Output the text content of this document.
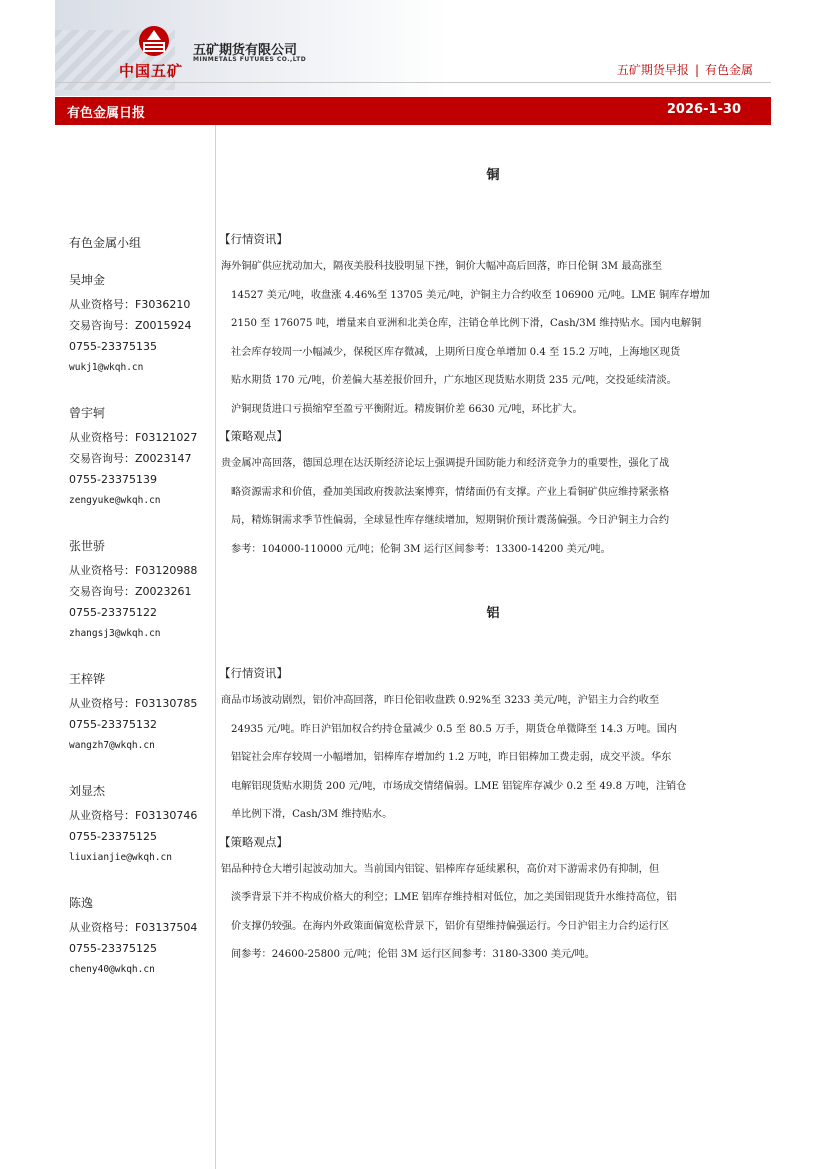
中国五矿
五矿期货有限公司
MINMETALS FUTURES CO.,LTD
五矿期货早报 | 有色金属
有色金属日报	2026-1-30
有色金属小组
吴坤金
从业资格号：F3036210
交易咨询号：Z0015924
0755-23375135
wukj1@wkqh.cn
曾宇轲
从业资格号：F03121027
交易咨询号：Z0023147
0755-23375139
zengyuke@wkqh.cn
张世骄
从业资格号：F03120988
交易咨询号：Z0023261
0755-23375122
zhangsj3@wkqh.cn
王梓铧
从业资格号：F03130785
0755-23375132
wangzh7@wkqh.cn
刘显杰
从业资格号：F03130746
0755-23375125
liuxianjie@wkqh.cn
陈逸
从业资格号：F03137504
0755-23375125
cheny40@wkqh.cn
铜
【行情资讯】
海外铜矿供应扰动加大，隔夜美股科技股明显下挫，铜价大幅冲高后回落，昨日伦铜 3M 最高涨至
14527 美元/吨，收盘涨 4.46%至 13705 美元/吨，沪铜主力合约收至 106900 元/吨。LME 铜库存增加
2150 至 176075 吨，增量来自亚洲和北美仓库，注销仓单比例下滑，Cash/3M 维持贴水。国内电解铜
社会库存较周一小幅减少，保税区库存微减，上期所日度仓单增加 0.4 至 15.2 万吨，上海地区现货
贴水期货 170 元/吨，价差偏大基差报价回升，广东地区现货贴水期货 235 元/吨，交投延续清淡。
沪铜现货进口亏损缩窄至盈亏平衡附近。精废铜价差 6630 元/吨，环比扩大。
【策略观点】
贵金属冲高回落，德国总理在达沃斯经济论坛上强调提升国防能力和经济竞争力的重要性，强化了战
略资源需求和价值，叠加美国政府拨款法案博弈，情绪面仍有支撑。产业上看铜矿供应维持紧张格
局，精炼铜需求季节性偏弱，全球显性库存继续增加，短期铜价预计震荡偏强。今日沪铜主力合约
参考：104000-110000 元/吨；伦铜 3M 运行区间参考：13300-14200 美元/吨。
铝
【行情资讯】
商品市场波动剧烈，铝价冲高回落，昨日伦铝收盘跌 0.92%至 3233 美元/吨，沪铝主力合约收至
24935 元/吨。昨日沪铝加权合约持仓量减少 0.5 至 80.5 万手，期货仓单微降至 14.3 万吨。国内
铝锭社会库存较周一小幅增加，铝棒库存增加约 1.2 万吨，昨日铝棒加工费走弱，成交平淡。华东
电解铝现货贴水期货 200 元/吨，市场成交情绪偏弱。LME 铝锭库存减少 0.2 至 49.8 万吨，注销仓
单比例下滑，Cash/3M 维持贴水。
【策略观点】
铝品种持仓大增引起波动加大。当前国内铝锭、铝棒库存延续累积，高价对下游需求仍有抑制，但
淡季背景下并不构成价格大的利空；LME 铝库存维持相对低位，加之美国铝现货升水维持高位，铝
价支撑仍较强。在海内外政策面偏宽松背景下，铝价有望维持偏强运行。今日沪铝主力合约运行区
间参考：24600-25800 元/吨；伦铝 3M 运行区间参考：3180-3300 美元/吨。
